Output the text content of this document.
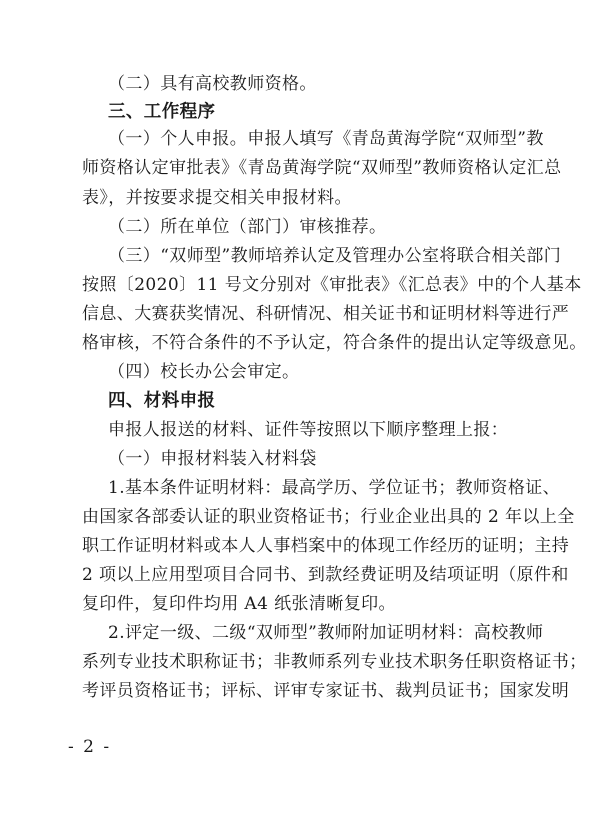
（二）具有高校教师资格。
三、工作程序
（一）个人申报。申报人填写《青岛黄海学院“双师型”教
师资格认定审批表》《青岛黄海学院“双师型”教师资格认定汇总
表》，并按要求提交相关申报材料。
（二）所在单位（部门）审核推荐。
（三）“双师型”教师培养认定及管理办公室将联合相关部门
按照〔2020〕11 号文分别对《审批表》《汇总表》中的个人基本
信息、大赛获奖情况、科研情况、相关证书和证明材料等进行严
格审核，不符合条件的不予认定，符合条件的提出认定等级意见。
（四）校长办公会审定。
四、材料申报
申报人报送的材料、证件等按照以下顺序整理上报：
（一）申报材料装入材料袋
1.基本条件证明材料：最高学历、学位证书；教师资格证、
由国家各部委认证的职业资格证书；行业企业出具的 2 年以上全
职工作证明材料或本人人事档案中的体现工作经历的证明；主持
2 项以上应用型项目合同书、到款经费证明及结项证明（原件和
复印件，复印件均用 A4 纸张清晰复印。
2.评定一级、二级“双师型”教师附加证明材料：高校教师
系列专业技术职称证书；非教师系列专业技术职务任职资格证书；
考评员资格证书；评标、评审专家证书、裁判员证书；国家发明
- 2 -
